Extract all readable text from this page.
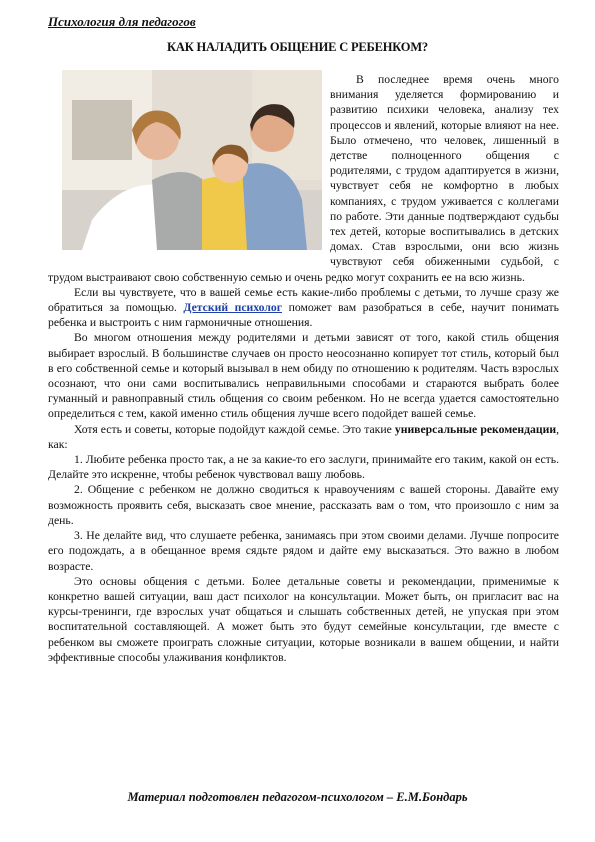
Психология для педагогов
КАК НАЛАДИТЬ ОБЩЕНИЕ С РЕБЕНКОМ?

В последнее время очень много внимания уделяется формированию и развитию психики человека, анализу тех процессов и явлений, которые влияют на нее. Было отмечено, что человек, лишенный в детстве полноценного общения с родителями, с трудом адаптируется в жизни, чувствует себя не комфортно в любых компаниях, с трудом уживается с коллегами по работе. Эти данные подтверждают судьбы тех детей, которые воспитывались в детских домах. Став взрослыми, они всю жизнь чувствуют себя обиженными судьбой, с трудом выстраивают свою собственную семью и очень редко могут сохранить ее на всю жизнь.

Если вы чувствуете, что в вашей семье есть какие-либо проблемы с детьми, то лучше сразу же обратиться за помощью. Детский психолог поможет вам разобраться в себе, научит понимать ребенка и выстроить с ним гармоничные отношения.

Во многом отношения между родителями и детьми зависят от того, какой стиль общения выбирает взрослый. В большинстве случаев он просто неосознанно копирует тот стиль, который был в его собственной семье и который вызывал в нем обиду по отношению к родителям. Часть взрослых осознают, что они сами воспитывались неправильными способами и стараются выбрать более гуманный и равноправный стиль общения со своим ребенком. Но не всегда удается самостоятельно определиться с тем, какой именно стиль общения лучше всего подойдет вашей семье.

Хотя есть и советы, которые подойдут каждой семье. Это такие универсальные рекомендации, как:

1. Любите ребенка просто так, а не за какие-то его заслуги, принимайте его таким, какой он есть. Делайте это искренне, чтобы ребенок чувствовал вашу любовь.

2. Общение с ребенком не должно сводиться к нравоучениям с вашей стороны. Давайте ему возможность проявить себя, высказать свое мнение, рассказать вам о том, что произошло с ним за день.

3. Не делайте вид, что слушаете ребенка, занимаясь при этом своими делами. Лучше попросите его подождать, а в обещанное время сядьте рядом и дайте ему высказаться. Это важно в любом возрасте.

Это основы общения с детьми. Более детальные советы и рекомендации, применимые к конкретно вашей ситуации, ваш даст психолог на консультации. Может быть, он пригласит вас на курсы-тренинги, где взрослых учат общаться и слышать собственных детей, не упуская при этом воспитательной составляющей. А может быть это будут семейные консультации, где вместе с ребенком вы сможете проиграть сложные ситуации, которые возникали в вашем общении, и найти эффективные способы улаживания конфликтов.

Материал подготовлен педагогом-психологом – Е.М.Бондарь
